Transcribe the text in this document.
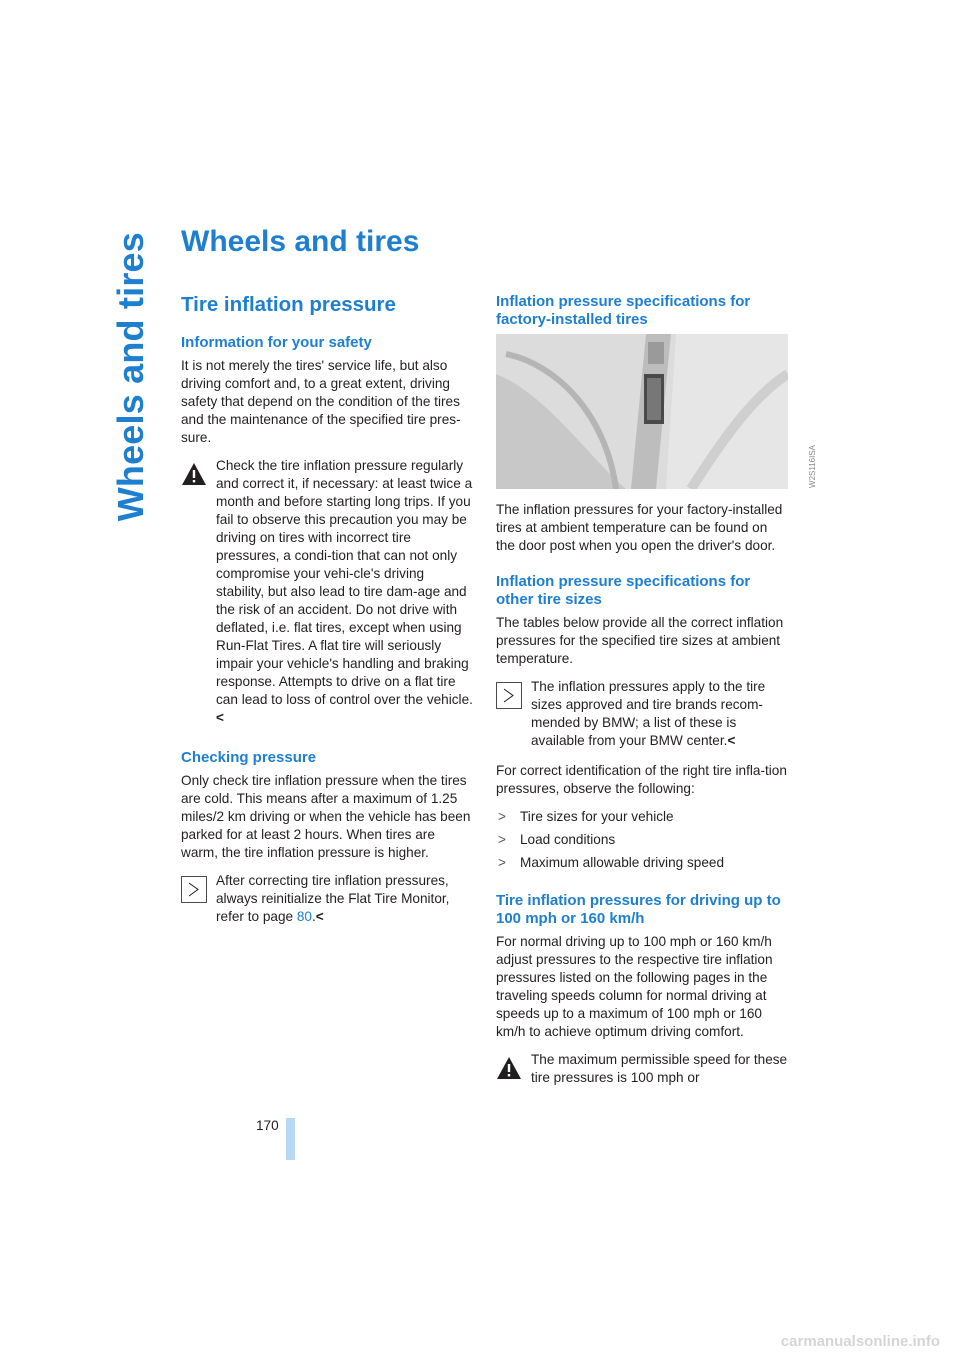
Wheels and tires Wheels and tires
Tire inflation pressure
Information for your safety

It is not merely the tires' service life, but also driving comfort and, to a great extent, driving safety that depend on the condition of the tires and the maintenance of the specified tire pres-sure.

Check the tire inflation pressure regularly and correct it, if necessary: at least twice a month and before starting long trips. If you fail to observe this precaution you may be driving on tires with incorrect tire pressures, a condi-tion that can not only compromise your vehi-cle's driving stability, but also lead to tire dam-age and the risk of an accident. Do not drive with deflated, i.e. flat tires, except when using Run-Flat Tires. A flat tire will seriously impair your vehicle's handling and braking response. Attempts to drive on a flat tire can lead to loss of control over the vehicle.<
Checking pressure

Only check tire inflation pressure when the tires are cold. This means after a maximum of 1.25 miles/2 km driving or when the vehicle has been parked for at least 2 hours. When tires are warm, the tire inflation pressure is higher.

After correcting tire inflation pressures, always reinitialize the Flat Tire Monitor, refer to page 80.<
Inflation pressure specifications for factory-installed tires

The inflation pressures for your factory-installed tires at ambient temperature can be found on the door post when you open the driver's door.

Inflation pressure specifications for other tire sizes

The tables below provide all the correct inflation pressures for the specified tire sizes at ambient temperature.

The inflation pressures apply to the tire sizes approved and tire brands recom-mended by BMW; a list of these is available from your BMW center.<

For correct identification of the right tire infla-tion pressures, observe the following:

> Tire sizes for your vehicle
> Load conditions
> Maximum allowable driving speed
Tire inflation pressures for driving up to 100 mph or 160 km/h

For normal driving up to 100 mph or 160 km/h adjust pressures to the respective tire inflation pressures listed on the following pages in the traveling speeds column for normal driving at speeds up to a maximum of 100 mph or 160 km/h to achieve optimum driving comfort.

The maximum permissible speed for these tire pressures is 100 mph or
W2S116ISA
170
carmanualsonline.info
